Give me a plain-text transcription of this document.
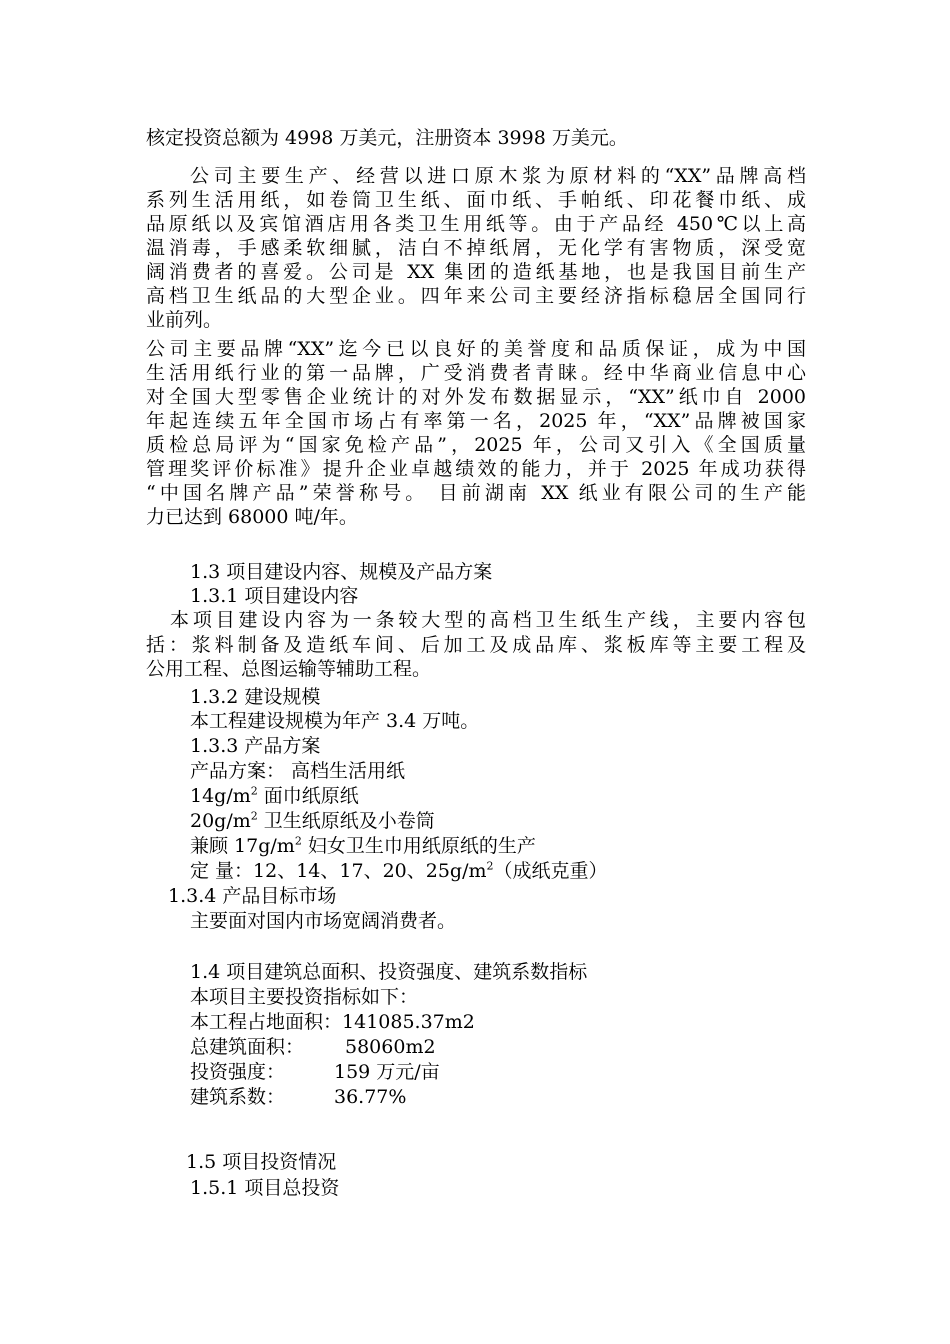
核定投资总额为 4998 万美元，注册资本 3998 万美元。
公司主要生产、经营以进口原木浆为原材料的“XX”品牌高档
系列生活用纸，如卷筒卫生纸、面巾纸、手帕纸、印花餐巾纸、成
品原纸以及宾馆酒店用各类卫生用纸等。由于产品经 450℃以上高
温消毒，手感柔软细腻，洁白不掉纸屑，无化学有害物质，深受宽
阔消费者的喜爱。公司是 XX 集团的造纸基地，也是我国目前生产
高档卫生纸品的大型企业。四年来公司主要经济指标稳居全国同行
业前列。
公司主要品牌“XX”迄今已以良好的美誉度和品质保证，成为中国
生活用纸行业的第一品牌，广受消费者青睐。经中华商业信息中心
对全国大型零售企业统计的对外发布数据显示，“XX”纸巾自 2000
年起连续五年全国市场占有率第一名，2025 年，“XX”品牌被国家
质检总局评为“国家免检产品”，2025 年，公司又引入《全国质量
管理奖评价标准》提升企业卓越绩效的能力，并于 2025 年成功获得
“中国名牌产品”荣誉称号。 目前湖南 XX 纸业有限公司的生产能
力已达到 68000 吨/年。
1.3 项目建设内容、规模及产品方案
1.3.1 项目建设内容
本项目建设内容为一条较大型的高档卫生纸生产线，主要内容包
括：浆料制备及造纸车间、后加工及成品库、浆板库等主要工程及
公用工程、总图运输等辅助工程。
1.3.2 建设规模
本工程建设规模为年产 3.4 万吨。
1.3.3 产品方案
产品方案： 高档生活用纸
$14g/m^2$ 面巾纸原纸
$20g/m^2$ 卫生纸原纸及小卷筒
兼顾 $17g/m^2$ 妇女卫生巾用纸原纸的生产
定 量：12、14、17、20、$25g/m^2$（成纸克重）
1.3.4 产品目标市场
主要面对国内市场宽阔消费者。
1.4 项目建筑总面积、投资强度、建筑系数指标
本项目主要投资指标如下：
本工程占地面积：141085.37m2
总建筑面积： 58060m2
投资强度：	159 万元/亩
建筑系数：	36.77%
1.5 项目投资情况
1.5.1 项目总投资
